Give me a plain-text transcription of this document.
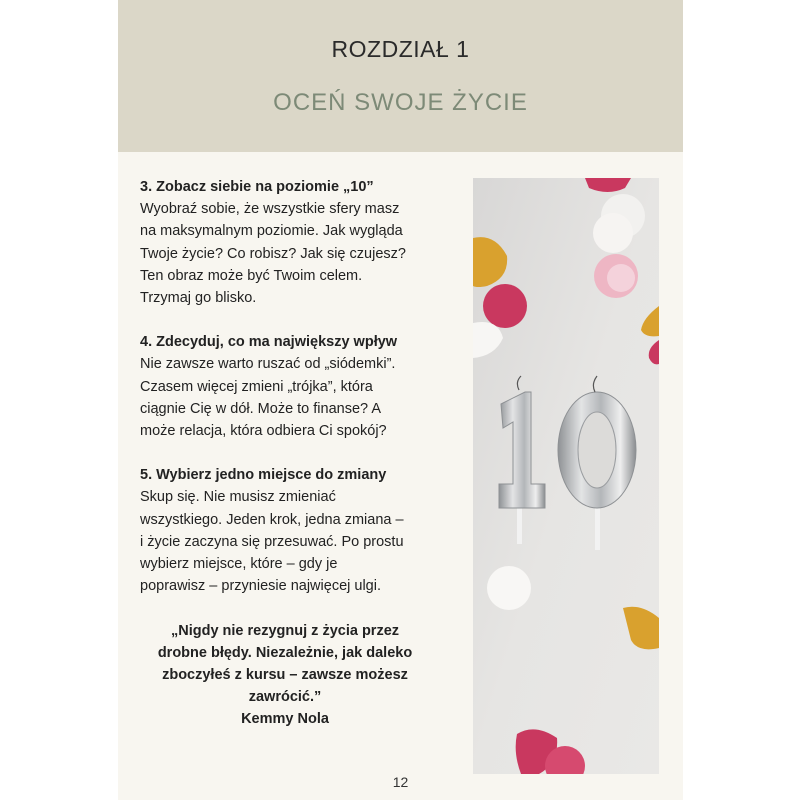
ROZDZIAŁ 1
OCEŃ SWOJE ŻYCIE
3. Zobacz siebie na poziomie „10”
Wyobraź sobie, że wszystkie sfery masz
na maksymalnym poziomie. Jak wygląda
Twoje życie? Co robisz? Jak się czujesz?
Ten obraz może być Twoim celem.
Trzymaj go blisko.
4. Zdecyduj, co ma największy wpływ
Nie zawsze warto ruszać od „siódemki”.
Czasem więcej zmieni „trójka”, która
ciągnie Cię w dół. Może to finanse? A
może relacja, która odbiera Ci spokój?
5. Wybierz jedno miejsce do zmiany
Skup się. Nie musisz zmieniać
wszystkiego. Jeden krok, jedna zmiana –
i życie zaczyna się przesuwać. Po prostu
wybierz miejsce, które – gdy je
poprawisz – przyniesie najwięcej ulgi.
„Nigdy nie rezygnuj z życia przez
drobne błędy. Niezależnie, jak daleko
zboczyłeś z kursu – zawsze możesz
zawrócić.”
Kemmy Nola
12
